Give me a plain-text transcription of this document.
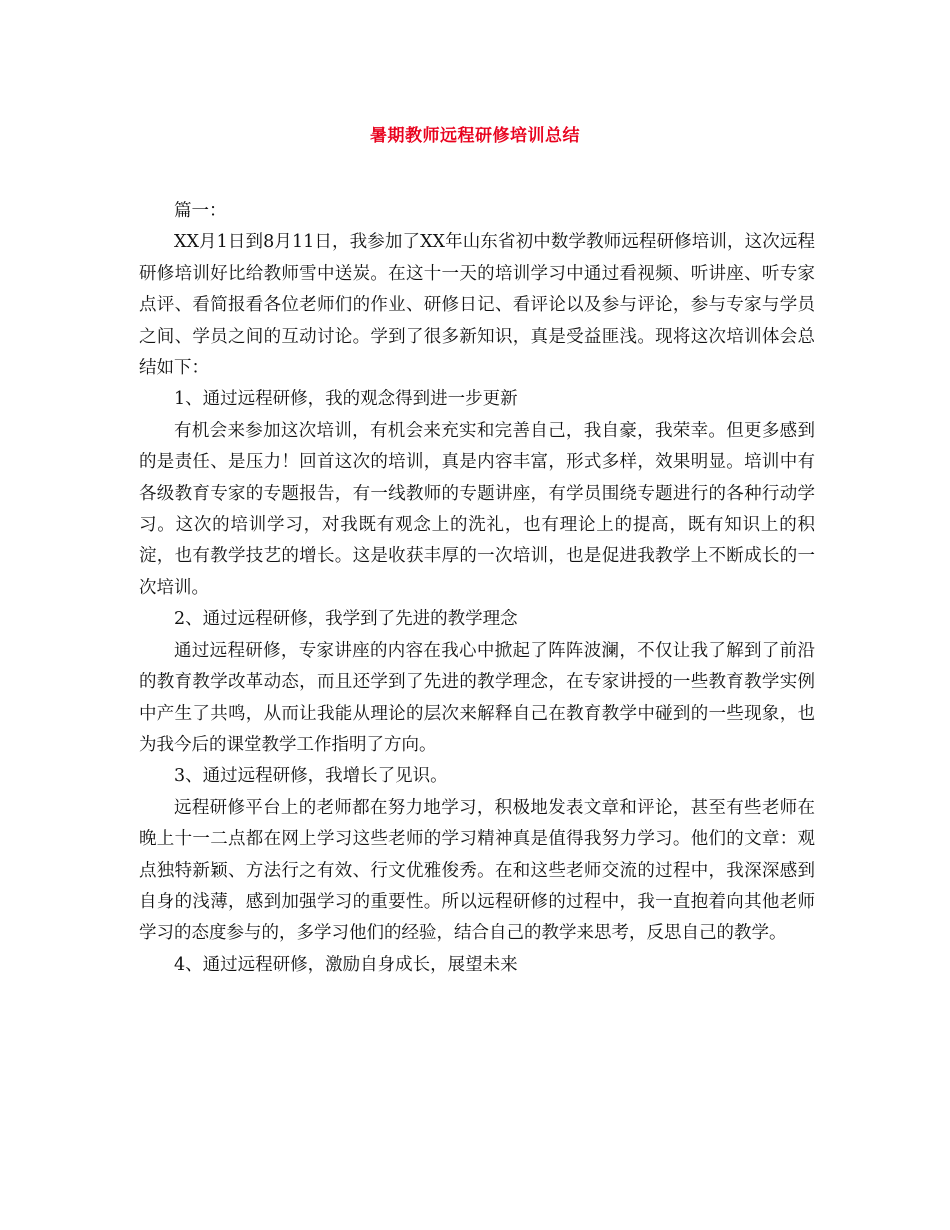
暑期教师远程研修培训总结

篇一：

XX月1日到8月11日，我参加了XX年山东省初中数学教师远程研修培训，这次远程研修培训好比给教师雪中送炭。在这十一天的培训学习中通过看视频、听讲座、听专家点评、看简报看各位老师们的作业、研修日记、看评论以及参与评论，参与专家与学员之间、学员之间的互动讨论。学到了很多新知识，真是受益匪浅。现将这次培训体会总结如下：

1、通过远程研修，我的观念得到进一步更新

有机会来参加这次培训，有机会来充实和完善自己，我自豪，我荣幸。但更多感到的是责任、是压力！回首这次的培训，真是内容丰富，形式多样，效果明显。培训中有各级教育专家的专题报告，有一线教师的专题讲座，有学员围绕专题进行的各种行动学习。这次的培训学习，对我既有观念上的洗礼，也有理论上的提高，既有知识上的积淀，也有教学技艺的增长。这是收获丰厚的一次培训，也是促进我教学上不断成长的一次培训。

2、通过远程研修，我学到了先进的教学理念

通过远程研修，专家讲座的内容在我心中掀起了阵阵波澜，不仅让我了解到了前沿的教育教学改革动态，而且还学到了先进的教学理念，在专家讲授的一些教育教学实例中产生了共鸣，从而让我能从理论的层次来解释自己在教育教学中碰到的一些现象，也为我今后的课堂教学工作指明了方向。

3、通过远程研修，我增长了见识。

远程研修平台上的老师都在努力地学习，积极地发表文章和评论，甚至有些老师在晚上十一二点都在网上学习这些老师的学习精神真是值得我努力学习。他们的文章：观点独特新颖、方法行之有效、行文优雅俊秀。在和这些老师交流的过程中，我深深感到自身的浅薄，感到加强学习的重要性。所以远程研修的过程中，我一直抱着向其他老师学习的态度参与的，多学习他们的经验，结合自己的教学来思考，反思自己的教学。

4、通过远程研修，激励自身成长，展望未来
